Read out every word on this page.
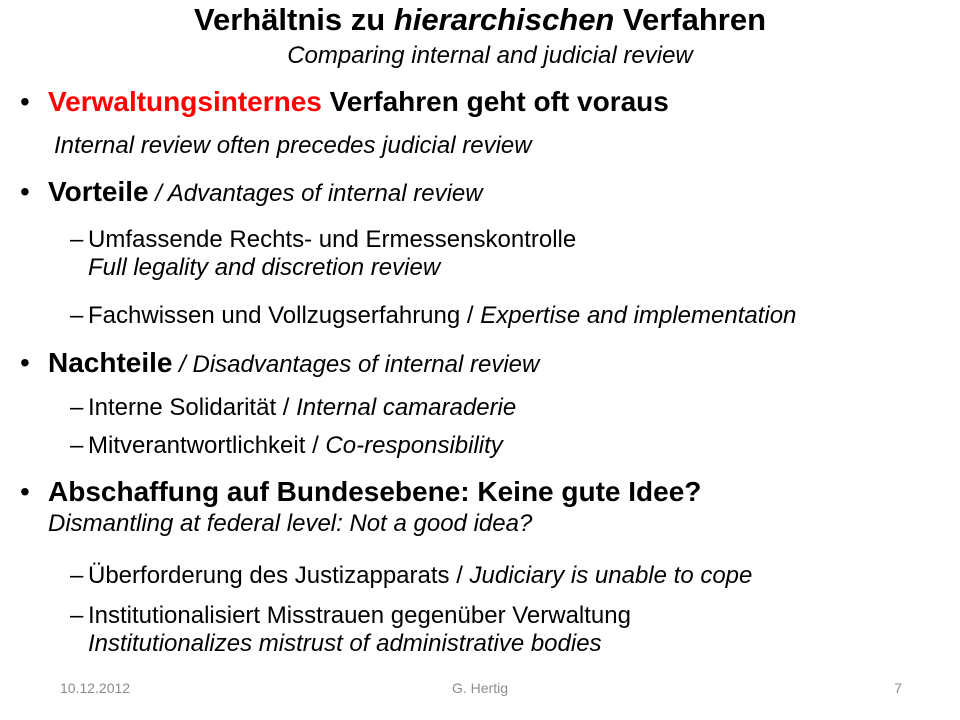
Verhältnis zu hierarchischen Verfahren
Comparing internal and judicial review
• Verwaltungsinternes Verfahren geht oft voraus
Internal review often precedes judicial review
• Vorteile / Advantages of internal review
– Umfassende Rechts- und Ermessenskontrolle
Full legality and discretion review
– Fachwissen und Vollzugserfahrung / Expertise and implementation
• Nachteile / Disadvantages of internal review
– Interne Solidarität / Internal camaraderie
– Mitverantwortlichkeit / Co-responsibility
• Abschaffung auf Bundesebene: Keine gute Idee?
Dismantling at federal level: Not a good idea?
– Überforderung des Justizapparats / Judiciary is unable to cope
– Institutionalisiert Misstrauen gegenüber Verwaltung
Institutionalizes mistrust of administrative bodies
10.12.2012	G. Hertig	7
